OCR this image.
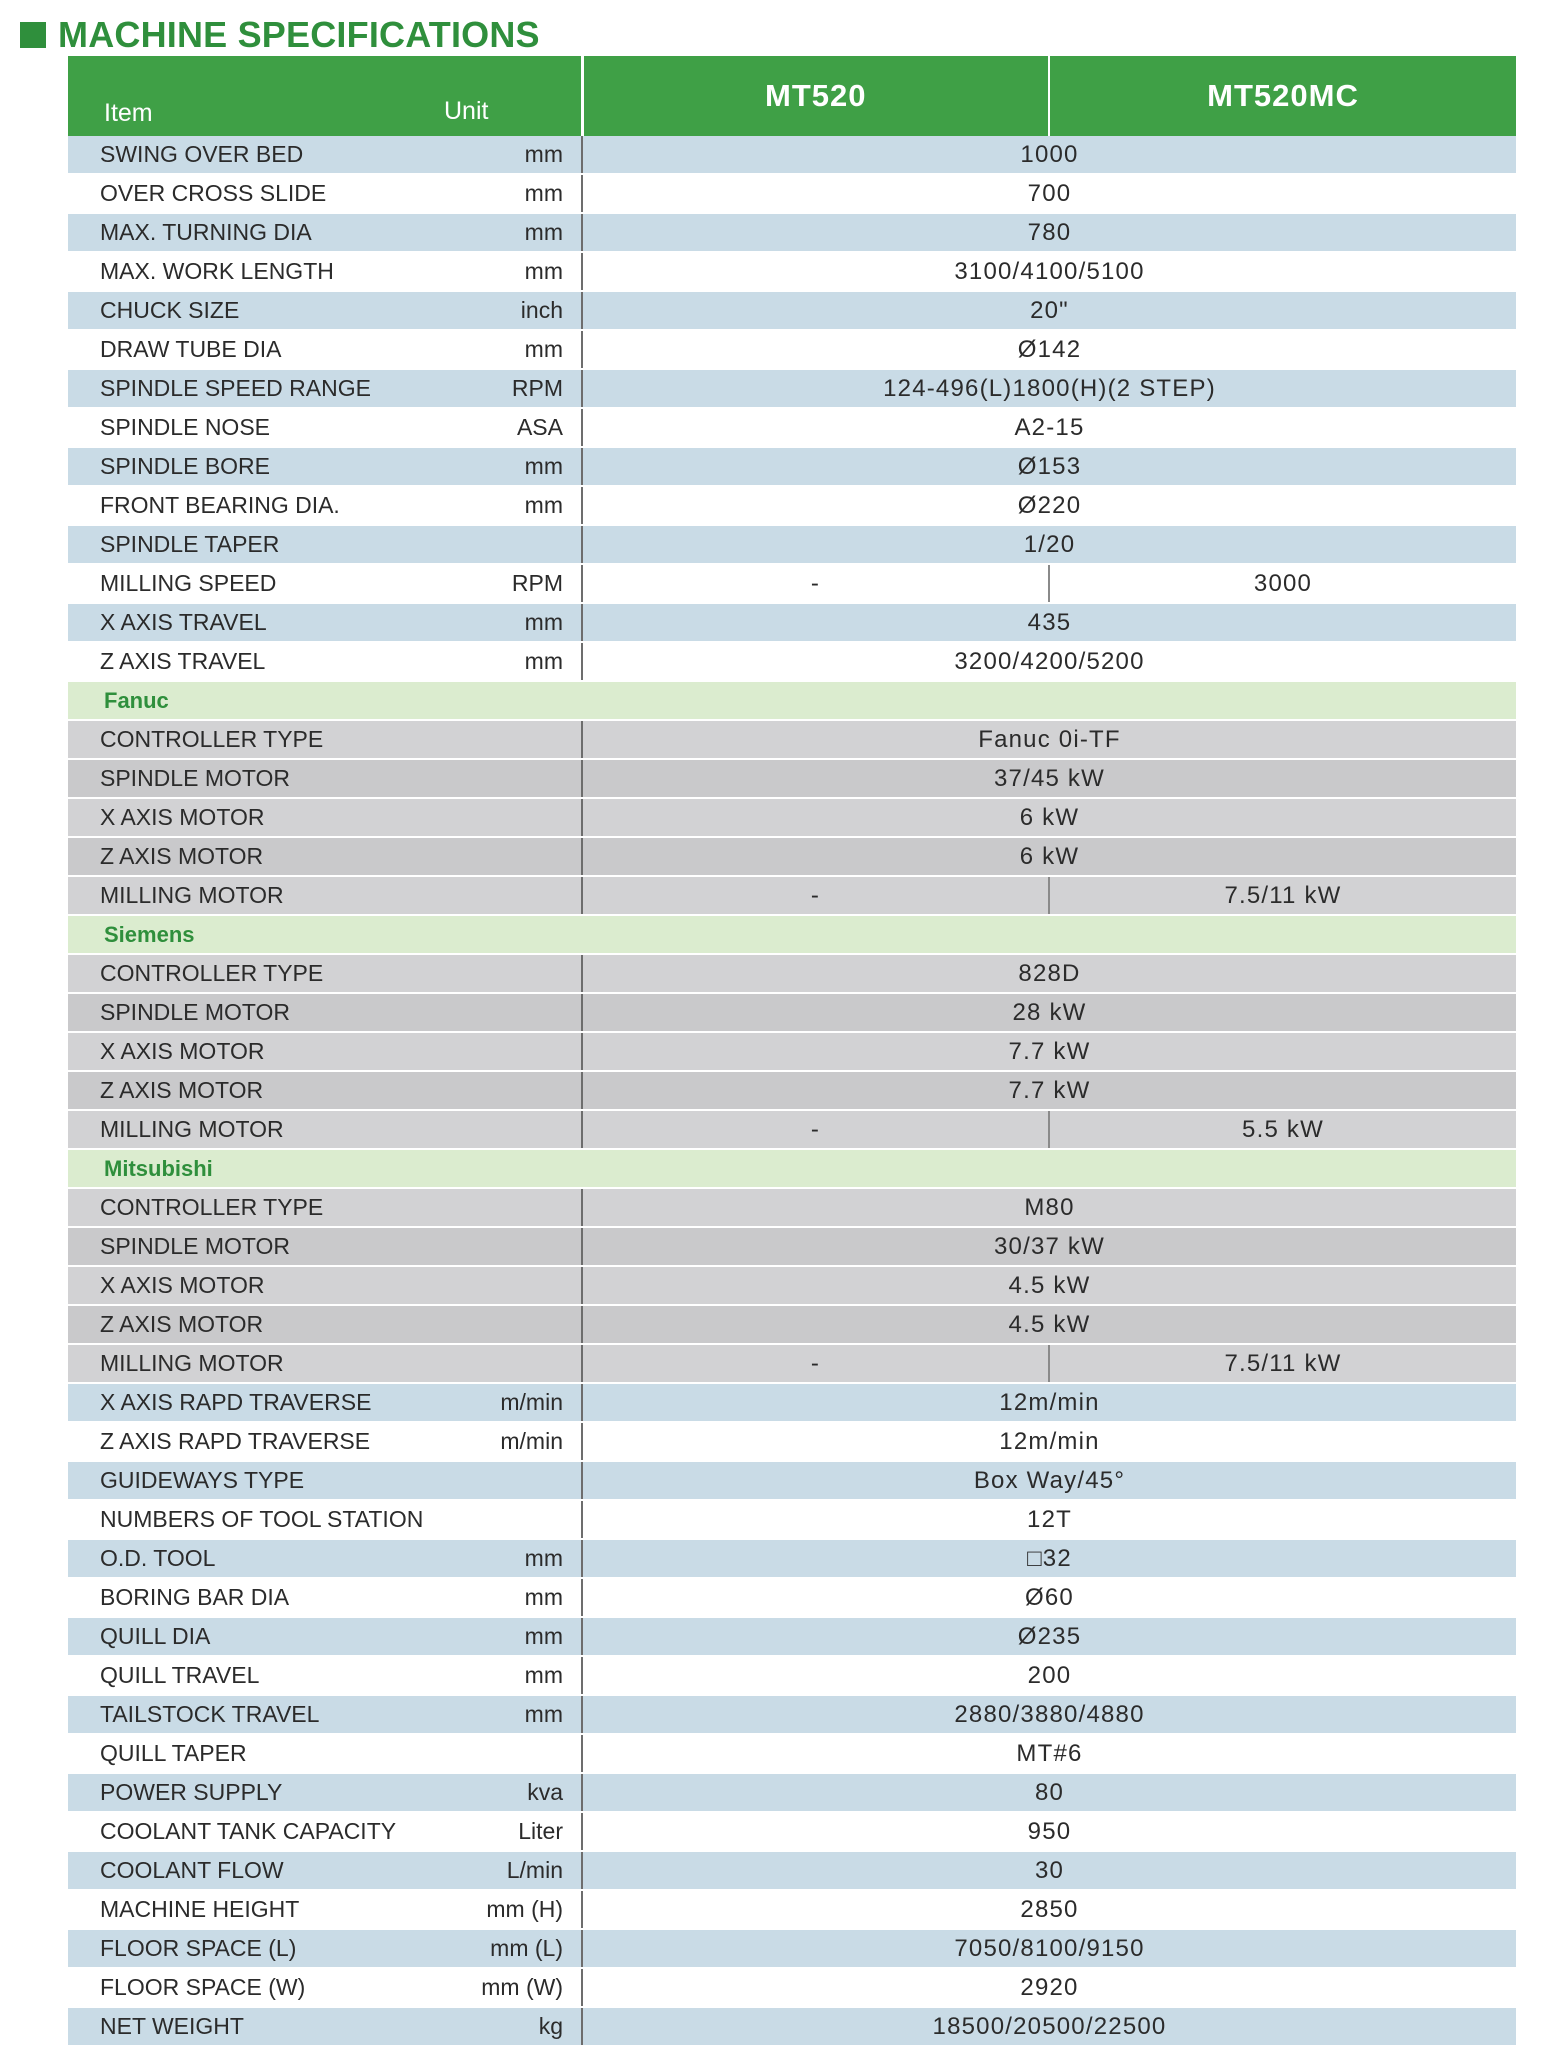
MACHINE SPECIFICATIONS
Item	Unit	MT520	MT520MC
SWING OVER BED	mm	1000	
OVER CROSS SLIDE	mm	700	
MAX. TURNING DIA	mm	780	
MAX. WORK LENGTH	mm	3100/4100/5100	
CHUCK SIZE	inch	20"	
DRAW TUBE DIA	mm	Ø142	
SPINDLE SPEED RANGE	RPM	124-496(L)1800(H)(2 STEP)	
SPINDLE NOSE	ASA	A2-15	
SPINDLE BORE	mm	Ø153	
FRONT BEARING DIA.	mm	Ø220	
SPINDLE TAPER		1/20	
MILLING SPEED	RPM	-	3000
X AXIS TRAVEL	mm	435	
Z AXIS TRAVEL	mm	3200/4200/5200	
Fanuc			
CONTROLLER TYPE		Fanuc 0i-TF	
SPINDLE MOTOR		37/45 kW	
X AXIS MOTOR		6 kW	
Z AXIS MOTOR		6 kW	
MILLING MOTOR		-	7.5/11 kW
Siemens			
CONTROLLER TYPE		828D	
SPINDLE MOTOR		28 kW	
X AXIS MOTOR		7.7 kW	
Z AXIS MOTOR		7.7 kW	
MILLING MOTOR		-	5.5 kW
Mitsubishi			
CONTROLLER TYPE		M80	
SPINDLE MOTOR		30/37 kW	
X AXIS MOTOR		4.5 kW	
Z AXIS MOTOR		4.5 kW	
MILLING MOTOR		-	7.5/11 kW
X AXIS RAPD TRAVERSE	m/min	12m/min	
Z AXIS RAPD TRAVERSE	m/min	12m/min	
GUIDEWAYS TYPE		Box Way/45°	
NUMBERS OF TOOL STATION		12T	
O.D. TOOL	mm	□32	
BORING BAR DIA	mm	Ø60	
QUILL DIA	mm	Ø235	
QUILL TRAVEL	mm	200	
TAILSTOCK TRAVEL	mm	2880/3880/4880	
QUILL TAPER		MT#6	
POWER SUPPLY	kva	80	
COOLANT TANK CAPACITY	Liter	950	
COOLANT FLOW	L/min	30	
MACHINE HEIGHT	mm (H)	2850	
FLOOR SPACE (L)	mm (L)	7050/8100/9150	
FLOOR SPACE (W)	mm (W)	2920	
NET WEIGHT	kg	18500/20500/22500	
